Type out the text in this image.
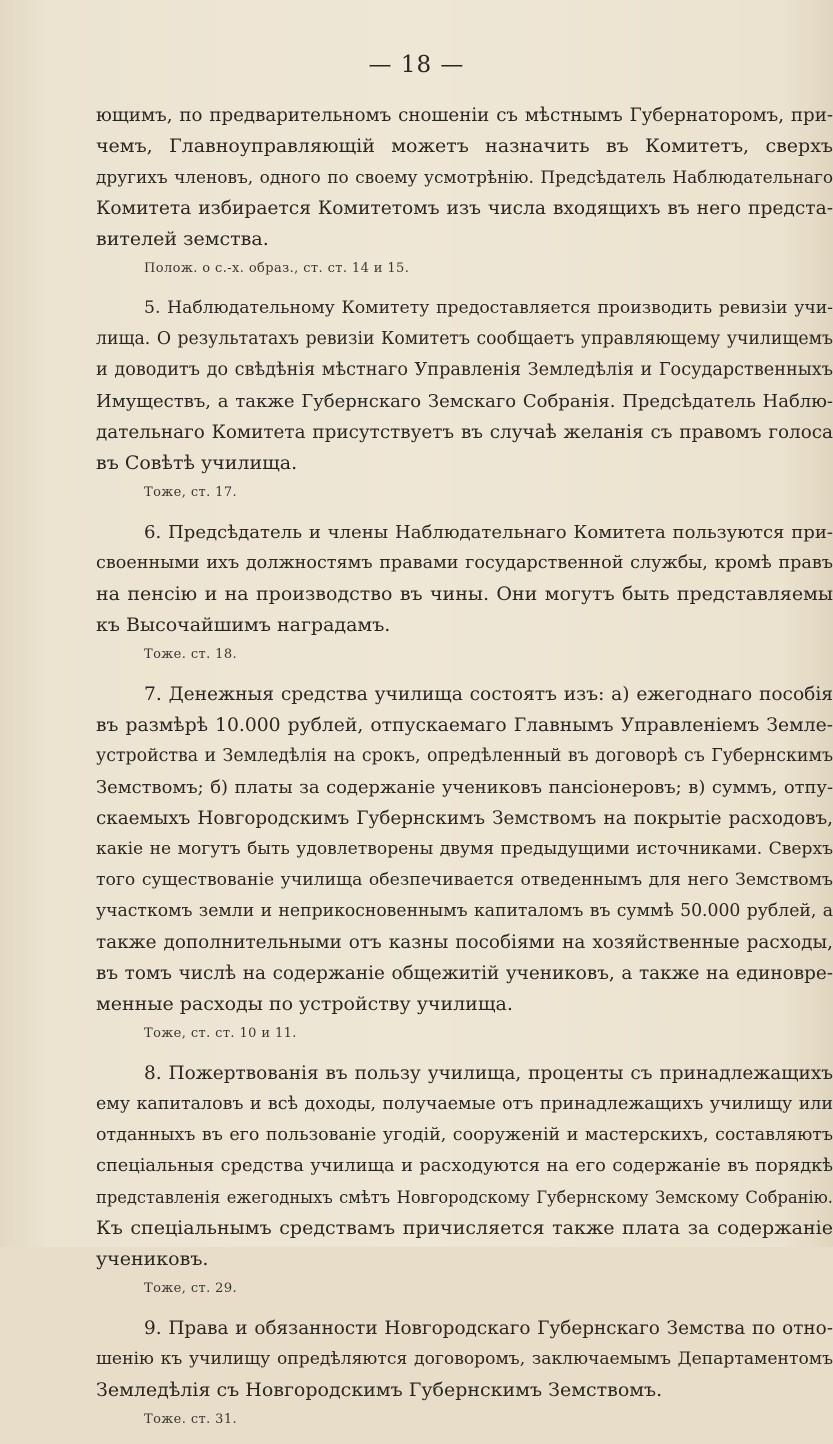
— 18 —
ющимъ, по предварительномъ сношенiи съ мѣстнымъ Губернаторомъ, при-
чемъ, Главноуправляющiй можетъ назначить въ Комитетъ, сверхъ
другихъ членовъ, одного по своему усмотрѣнiю. Предсѣдатель Наблюдательнаго
Комитета избирается Комитетомъ изъ числа входящихъ въ него предста-
вителей земства.
Полож. о с.-х. образ., ст. ст. 14 и 15.
5. Наблюдательному Комитету предоставляется производить ревизiи учи-
лища. О результатахъ ревизiи Комитетъ сообщаетъ управляющему училищемъ
и доводитъ до свѣдѣнiя мѣстнаго Управленiя Земледѣлiя и Государственныхъ
Имуществъ, а также Губернскаго Земскаго Собранiя. Предсѣдатель Наблю-
дательнаго Комитета присутствуетъ въ случаѣ желанiя съ правомъ голоса
въ Совѣтѣ училища.
Тоже, ст. 17.
6. Предсѣдатель и члены Наблюдательнаго Комитета пользуются при-
своенными ихъ должностямъ правами государственной службы, кромѣ правъ
на пенсiю и на производство въ чины. Они могутъ быть представляемы
къ Высочайшимъ наградамъ.
Тоже. ст. 18.
7. Денежныя средства училища состоятъ изъ: а) ежегоднаго пособiя
въ размѣрѣ 10.000 рублей, отпускаемаго Главнымъ Управленiемъ Земле-
устройства и Земледѣлiя на срокъ, опредѣленный въ договорѣ съ Губернскимъ
Земствомъ; б) платы за содержанiе учениковъ пансiонеровъ; в) суммъ, отпу-
скаемыхъ Новгородскимъ Губернскимъ Земствомъ на покрытiе расходовъ,
какiе не могутъ быть удовлетворены двумя предыдущими источниками. Сверхъ
того существованiе училища обезпечивается отведеннымъ для него Земствомъ
участкомъ земли и неприкосновеннымъ капиталомъ въ суммѣ 50.000 рублей, а
также дополнительными отъ казны пособiями на хозяйственные расходы,
въ томъ числѣ на содержанiе общежитiй учениковъ, а также на единовре-
менные расходы по устройству училища.
Тоже, ст. ст. 10 и 11.
8. Пожертвованiя въ пользу училища, проценты съ принадлежащихъ
ему капиталовъ и всѣ доходы, получаемые отъ принадлежащихъ училищу или
отданныхъ въ его пользованiе угодiй, сооруженiй и мастерскихъ, составляютъ
спецiальныя средства училища и расходуются на его содержанiе въ порядкѣ
представленiя ежегодныхъ смѣтъ Новгородскому Губернскому Земскому Собранiю.
Къ спецiальнымъ средствамъ причисляется также плата за содержанiе
учениковъ.
Тоже, ст. 29.
9. Права и обязанности Новгородскаго Губернскаго Земства по отно-
шенiю къ училищу опредѣляются договоромъ, заключаемымъ Департаментомъ
Земледѣлiя съ Новгородскимъ Губернскимъ Земствомъ.
Тоже. ст. 31.
